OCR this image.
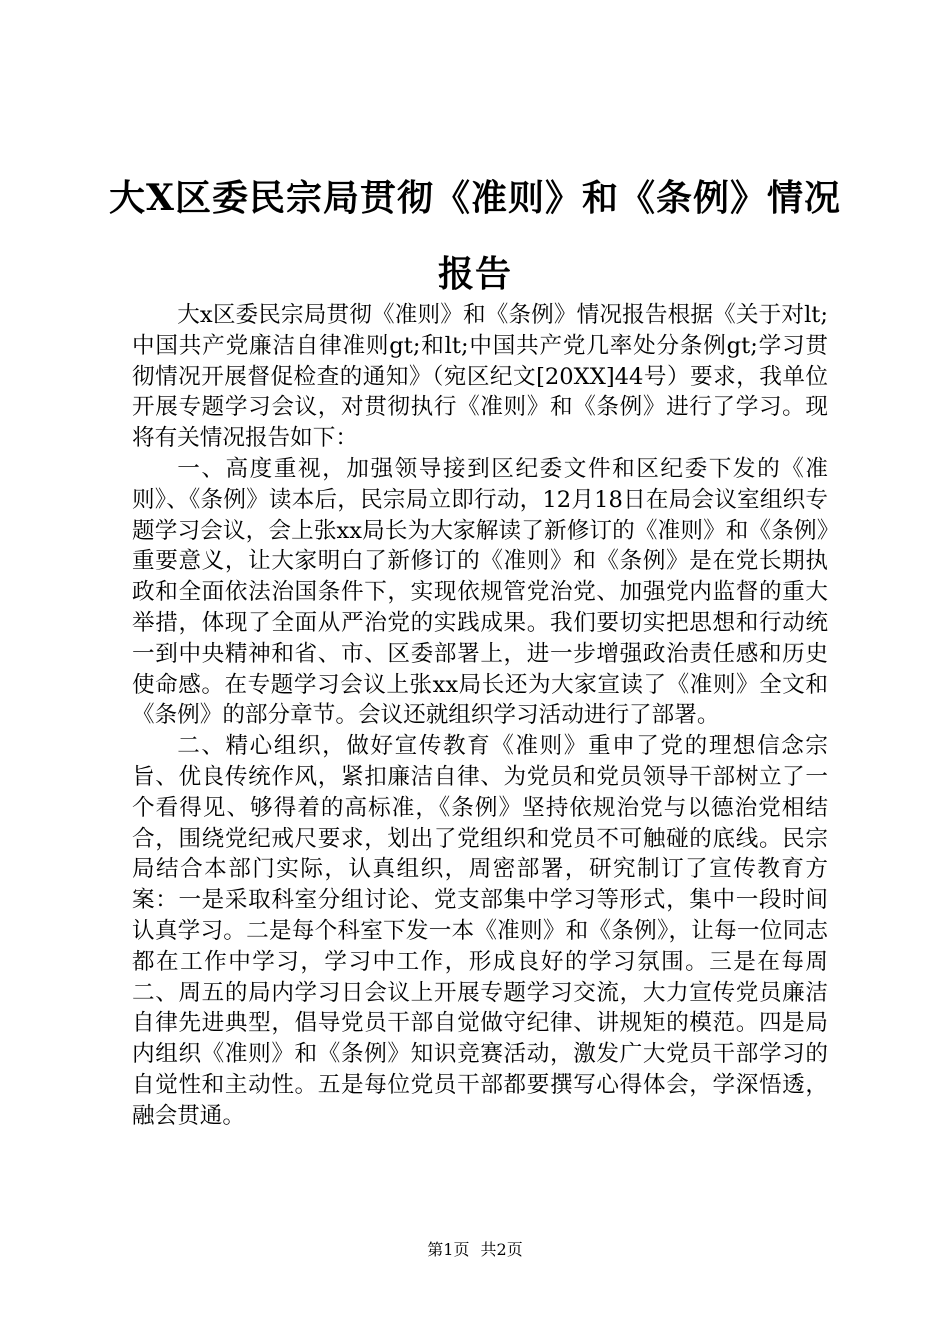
大X区委民宗局贯彻《准则》和《条例》情况报告

大x区委民宗局贯彻《准则》和《条例》情况报告根据《关于对lt;中国共产党廉洁自律准则gt;和lt;中国共产党几率处分条例gt;学习贯彻情况开展督促检查的通知》（宛区纪文[20XX]44号）要求，我单位开展专题学习会议，对贯彻执行《准则》和《条例》进行了学习。现将有关情况报告如下：

一、高度重视，加强领导接到区纪委文件和区纪委下发的《准则》、《条例》读本后，民宗局立即行动，12月18日在局会议室组织专题学习会议，会上张xx局长为大家解读了新修订的《准则》和《条例》重要意义，让大家明白了新修订的《准则》和《条例》是在党长期执政和全面依法治国条件下，实现依规管党治党、加强党内监督的重大举措，体现了全面从严治党的实践成果。我们要切实把思想和行动统一到中央精神和省、市、区委部署上，进一步增强政治责任感和历史使命感。在专题学习会议上张xx局长还为大家宣读了《准则》全文和《条例》的部分章节。会议还就组织学习活动进行了部署。

二、精心组织，做好宣传教育《准则》重申了党的理想信念宗旨、优良传统作风，紧扣廉洁自律、为党员和党员领导干部树立了一个看得见、够得着的高标准，《条例》坚持依规治党与以德治党相结合，围绕党纪戒尺要求，划出了党组织和党员不可触碰的底线。民宗局结合本部门实际，认真组织，周密部署，研究制订了宣传教育方案：一是采取科室分组讨论、党支部集中学习等形式，集中一段时间认真学习。二是每个科室下发一本《准则》和《条例》，让每一位同志都在工作中学习，学习中工作，形成良好的学习氛围。三是在每周二、周五的局内学习日会议上开展专题学习交流，大力宣传党员廉洁自律先进典型，倡导党员干部自觉做守纪律、讲规矩的模范。四是局内组织《准则》和《条例》知识竞赛活动，激发广大党员干部学习的自觉性和主动性。五是每位党员干部都要撰写心得体会，学深悟透，融会贯通。

第1页 共2页
